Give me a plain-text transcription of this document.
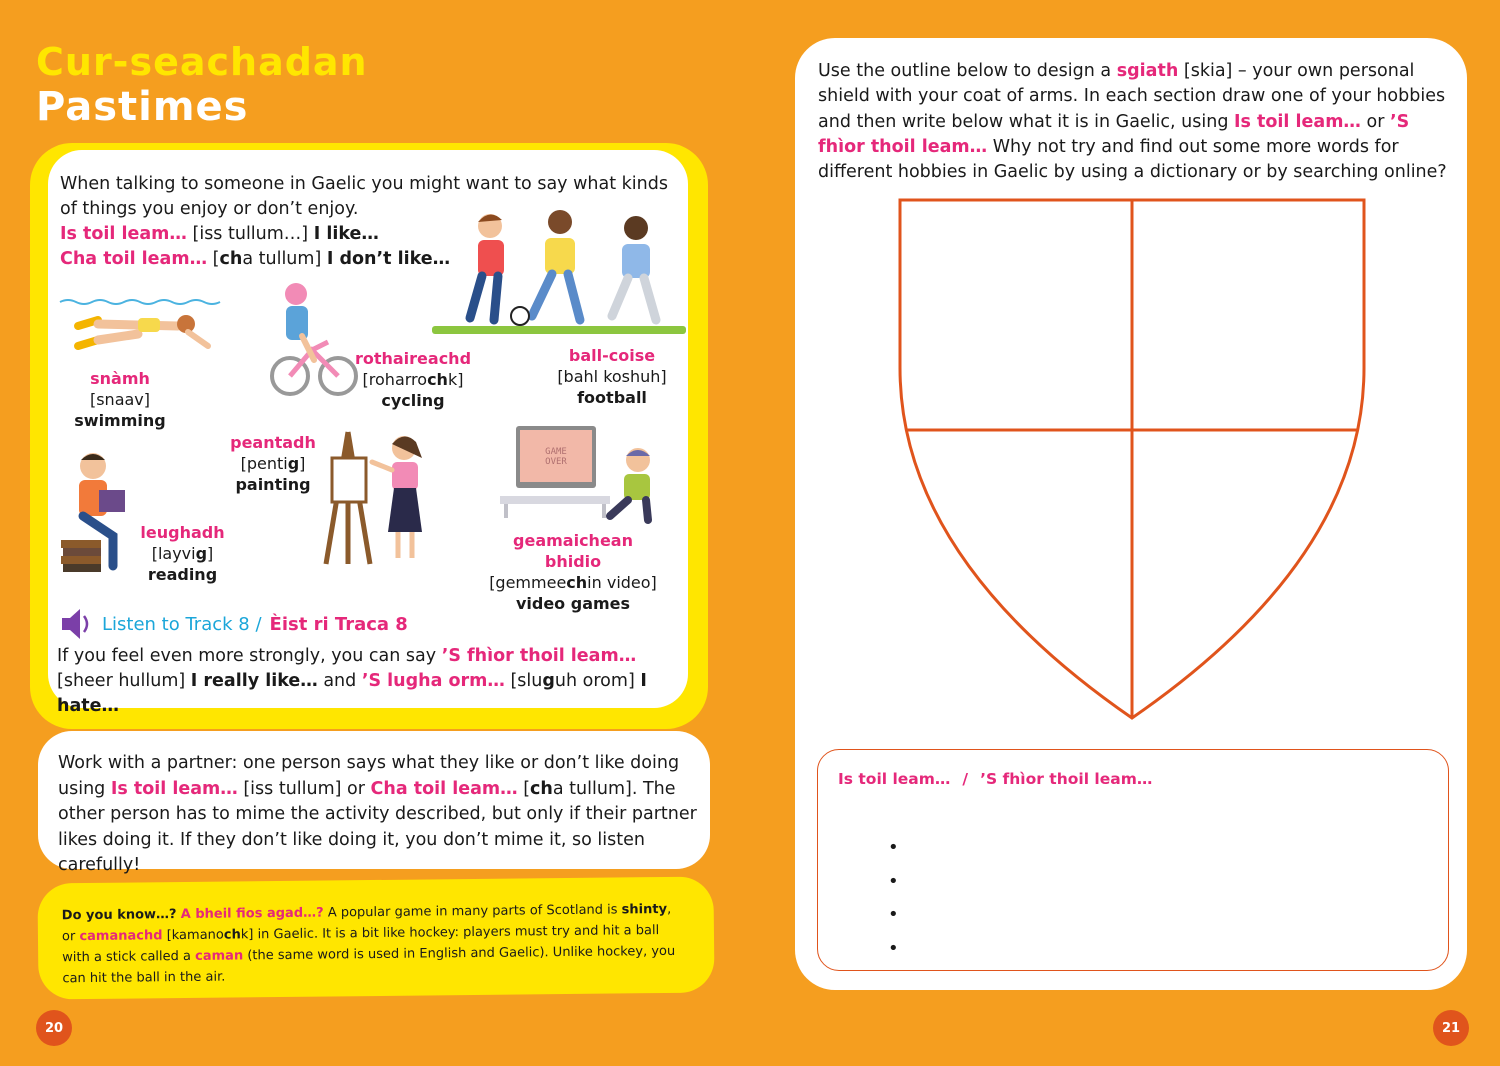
Cur-seachadan
Pastimes
When talking to someone in Gaelic you might want to say what kinds of things you enjoy or don’t enjoy.
Is toil leam… [iss tullum…] I like…
Cha toil leam… [cha tullum] I don’t like…
snàmh
[snaav]
swimming
rothaireachd
[roharrochk]
cycling
ball-coise
[bahl koshuh]
football
leughadh
[layvig]
reading
peantadh
[pentig]
painting
GAME
OVER
geamaichean bhidio
[gemmeechin video]
video games
Listen to Track 8 / Èist ri Traca 8
If you feel even more strongly, you can say ’S fhìor thoil leam… [sheer hullum] I really like… and ’S lugha orm… [sluguh orom] I hate…

Work with a partner: one person says what they like or don’t like doing using Is toil leam… [iss tullum] or Cha toil leam… [cha tullum]. The other person has to mime the activity described, but only if their partner likes doing it. If they don’t like doing it, you don’t mime it, so listen carefully!

Do you know…? A bheil fios agad…? A popular game in many parts of Scotland is shinty, or camanachd [kamanochk] in Gaelic. It is a bit like hockey: players must try and hit a ball with a stick called a caman (the same word is used in English and Gaelic). Unlike hockey, you can hit the ball in the air.

20
Use the outline below to design a sgiath [skia] – your own personal shield with your coat of arms. In each section draw one of your hobbies and then write below what it is in Gaelic, using Is toil leam… or ’S fhìor thoil leam… Why not try and find out some more words for different hobbies in Gaelic by using a dictionary or by searching online?
Is toil leam… / ’S fhìor thoil leam…
•
•
•
•
21
